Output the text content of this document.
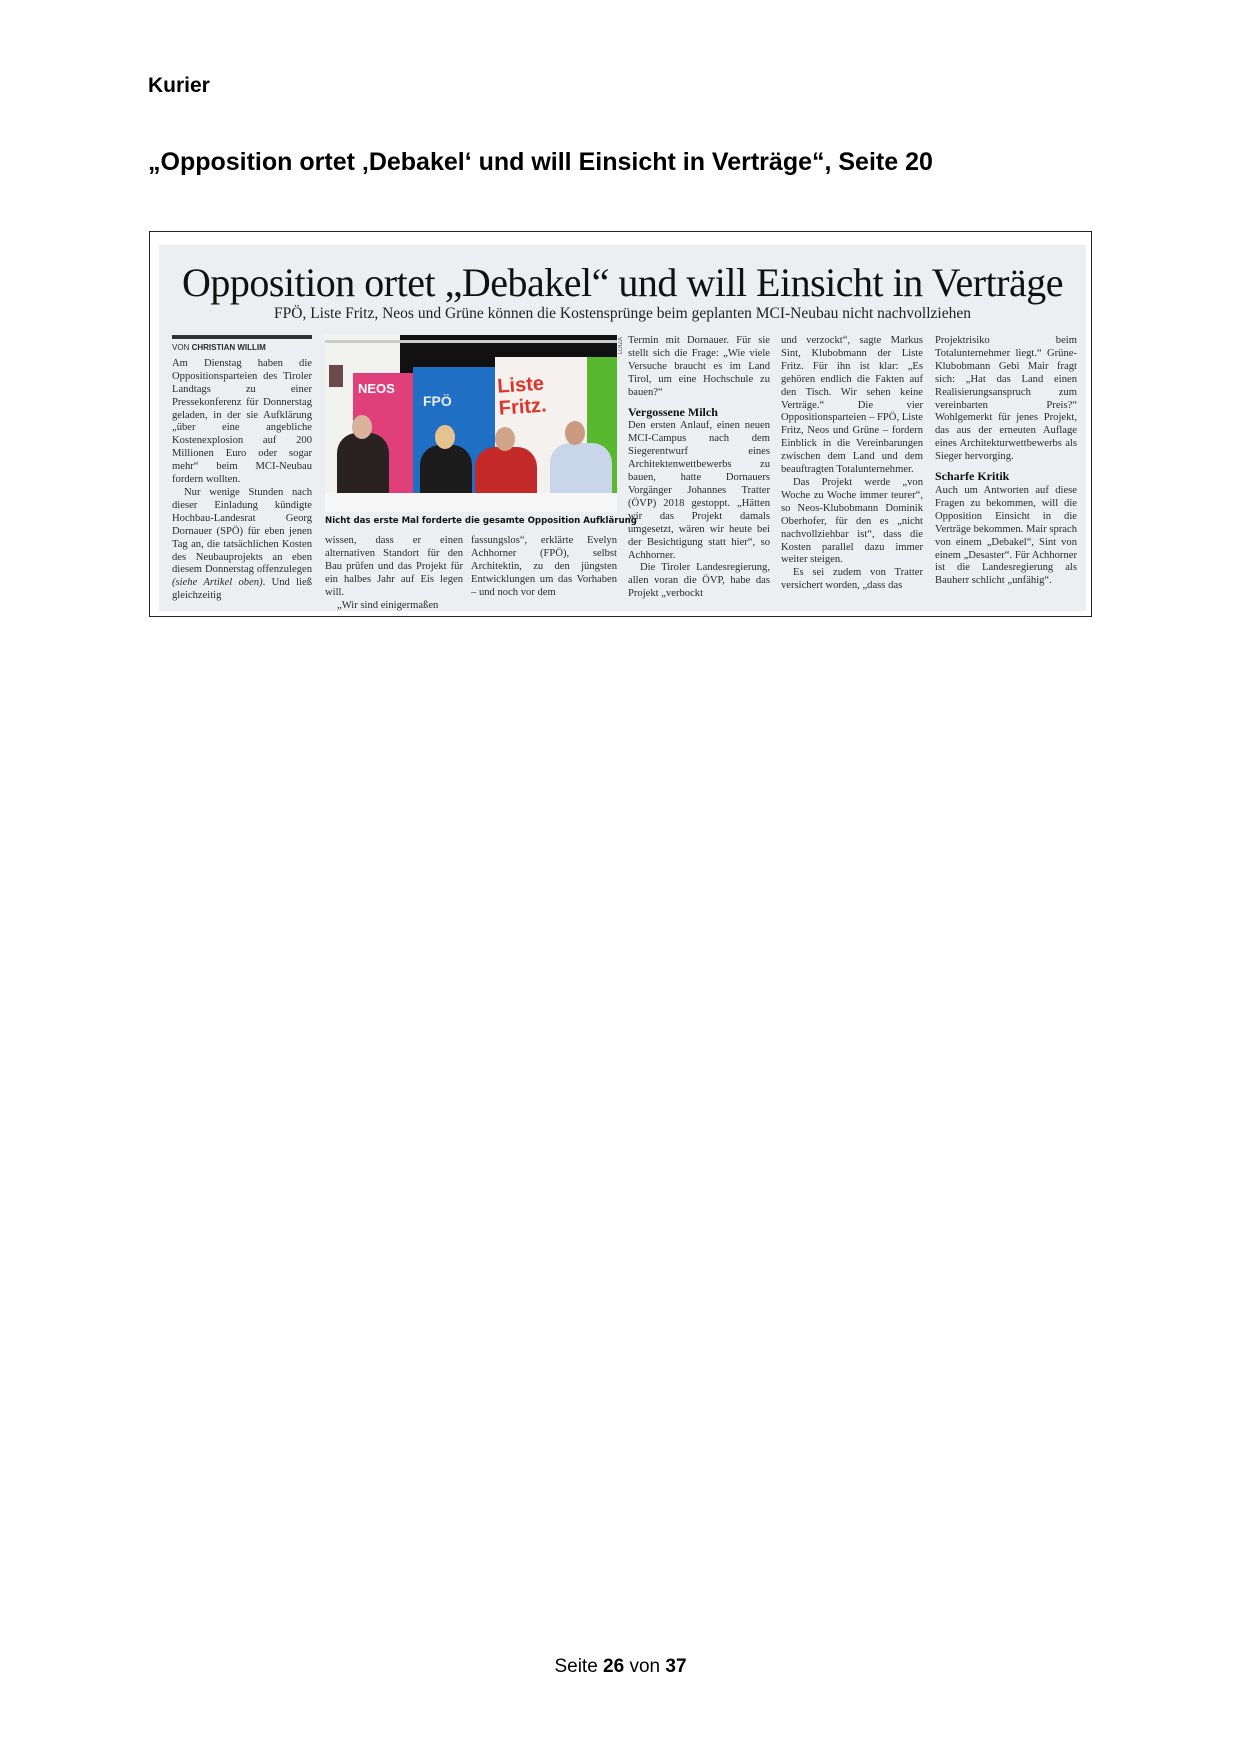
Kurier
„Opposition ortet ‚Debakel‘ und will Einsicht in Verträge“, Seite 20
Opposition ortet „Debakel“ und will Einsicht in Verträge
FPÖ, Liste Fritz, Neos und Grüne können die Kostensprünge beim geplanten MCI-Neubau nicht nachvollziehen
VON CHRISTIAN WILLIM

Am Dienstag haben die Oppositionsparteien des Tiroler Landtags zu einer Pressekonferenz für Donnerstag geladen, in der sie Aufklärung „über eine angebliche Kostenexplosion auf 200 Millionen Euro oder sogar mehr“ beim MCI-Neubau fordern wollten.

Nur wenige Stunden nach dieser Einladung kündigte Hochbau-Landesrat Georg Dornauer (SPÖ) für eben jenen Tag an, die tatsächlichen Kosten des Neubauprojekts an eben diesem Donnerstag offenzulegen (siehe Artikel oben). Und ließ gleichzeitig

NEOS
FPÖ
Liste Fritz.
LOIZA
Nicht das erste Mal forderte die gesamte Opposition Aufklärung

wissen, dass er einen alternativen Standort für den Bau prüfen und das Projekt für ein halbes Jahr auf Eis legen will.

„Wir sind einigermaßen

fassungslos“, erklärte Evelyn Achhorner (FPÖ), selbst Architektin, zu den jüngsten Entwicklungen um das Vorhaben – und noch vor dem

Termin mit Dornauer. Für sie stellt sich die Frage: „Wie viele Versuche braucht es im Land Tirol, um eine Hochschule zu bauen?“

Vergossene Milch

Den ersten Anlauf, einen neuen MCI-Campus nach dem Siegerentwurf eines Architektenwettbewerbs zu bauen, hatte Dornauers Vorgänger Johannes Tratter (ÖVP) 2018 gestoppt. „Hätten wir das Projekt damals umgesetzt, wären wir heute bei der Besichtigung statt hier“, so Achhorner.

Die Tiroler Landesregierung, allen voran die ÖVP, habe das Projekt „verbockt

und verzockt“, sagte Markus Sint, Klubobmann der Liste Fritz. Für ihn ist klar: „Es gehören endlich die Fakten auf den Tisch. Wir sehen keine Verträge.“ Die vier Oppositionsparteien – FPÖ, Liste Fritz, Neos und Grüne – fordern Einblick in die Vereinbarungen zwischen dem Land und dem beauftragten Totalunternehmer.

Das Projekt werde „von Woche zu Woche immer teurer“, so Neos-Klubobmann Dominik Oberhofer, für den es „nicht nachvollziehbar ist“, dass die Kosten parallel dazu immer weiter steigen.

Es sei zudem von Tratter versichert worden, „dass das

Projektrisiko beim Totalunternehmer liegt.“ Grüne-Klubobmann Gebi Mair fragt sich: „Hat das Land einen Realisierungsanspruch zum vereinbarten Preis?“ Wohlgemerkt für jenes Projekt, das aus der erneuten Auflage eines Architekturwettbewerbs als Sieger hervorging.

Scharfe Kritik

Auch um Antworten auf diese Fragen zu bekommen, will die Opposition Einsicht in die Verträge bekommen. Mair sprach von einem „Debakel“, Sint von einem „Desaster“. Für Achhorner ist die Landesregierung als Bauherr schlicht „unfähig“.

Seite 26 von 37
